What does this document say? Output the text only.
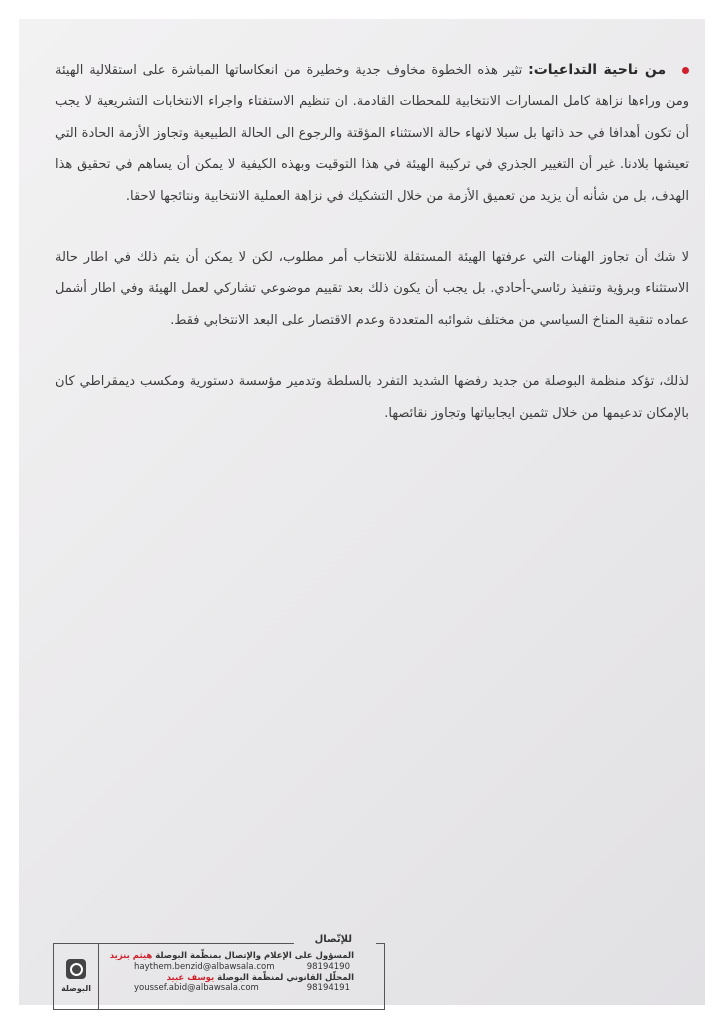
من ناحية التداعيات: تثير هذه الخطوة مخاوف جدية وخطيرة من انعكاساتها المباشرة على استقلالية الهيئة ومن وراءها نزاهة كامل المسارات الانتخابية للمحطات القادمة. ان تنظيم الاستفتاء واجراء الانتخابات التشريعية لا يجب أن تكون أهدافا في حد ذاتها بل سبلا لانهاء حالة الاستثناء المؤقتة والرجوع الى الحالة الطبيعية وتجاوز الأزمة الحادة التي تعيشها بلادنا. غير أن التغيير الجذري في تركيبة الهيئة في هذا التوقيت وبهذه الكيفية لا يمكن أن يساهم في تحقيق هذا الهدف، بل من شأنه أن يزيد من تعميق الأزمة من خلال التشكيك في نزاهة العملية الانتخابية ونتائجها لاحقا.

لا شك أن تجاوز الهنات التي عرفتها الهيئة المستقلة للانتخاب أمر مطلوب، لكن لا يمكن أن يتم ذلك في اطار حالة الاستثناء وبرؤية وتنفيذ رئاسي-أحادي. بل يجب أن يكون ذلك بعد تقييم موضوعي تشاركي لعمل الهيئة وفي اطار أشمل عماده تنقية المناخ السياسي من مختلف شوائبه المتعددة وعدم الاقتصار على البعد الانتخابي فقط.

لذلك، تؤكد منظمة البوصلة من جديد رفضها الشديد التفرد بالسلطة وتدمير مؤسسة دستورية ومكسب ديمقراطي كان بالإمكان تدعيمها من خلال تثمين ايجابياتها وتجاوز نقائصها.

للإتّصال
البوصلة
المسؤول على الإعلام والإتصال بمنظّمة البوصلة هيثم بنزيد
haythem.benzid@albawsala.com	98194190
المحلّل القانوني لمنظّمة البوصلة يوسف عبيد
youssef.abid@albawsala.com	98194191
